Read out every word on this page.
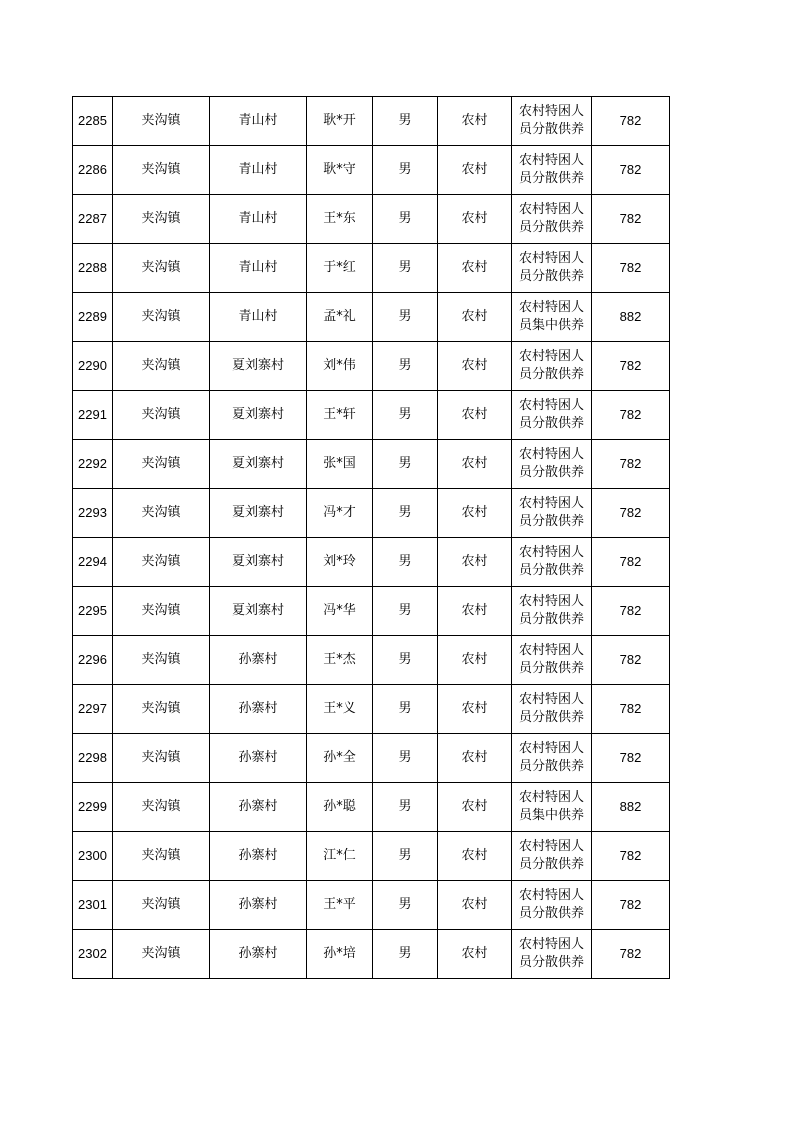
2285	夹沟镇	青山村	耿*开	男	农村	农村特困人
员分散供养	782
2286	夹沟镇	青山村	耿*守	男	农村	农村特困人
员分散供养	782
2287	夹沟镇	青山村	王*东	男	农村	农村特困人
员分散供养	782
2288	夹沟镇	青山村	于*红	男	农村	农村特困人
员分散供养	782
2289	夹沟镇	青山村	孟*礼	男	农村	农村特困人
员集中供养	882
2290	夹沟镇	夏刘寨村	刘*伟	男	农村	农村特困人
员分散供养	782
2291	夹沟镇	夏刘寨村	王*轩	男	农村	农村特困人
员分散供养	782
2292	夹沟镇	夏刘寨村	张*国	男	农村	农村特困人
员分散供养	782
2293	夹沟镇	夏刘寨村	冯*才	男	农村	农村特困人
员分散供养	782
2294	夹沟镇	夏刘寨村	刘*玲	男	农村	农村特困人
员分散供养	782
2295	夹沟镇	夏刘寨村	冯*华	男	农村	农村特困人
员分散供养	782
2296	夹沟镇	孙寨村	王*杰	男	农村	农村特困人
员分散供养	782
2297	夹沟镇	孙寨村	王*义	男	农村	农村特困人
员分散供养	782
2298	夹沟镇	孙寨村	孙*全	男	农村	农村特困人
员分散供养	782
2299	夹沟镇	孙寨村	孙*聪	男	农村	农村特困人
员集中供养	882
2300	夹沟镇	孙寨村	江*仁	男	农村	农村特困人
员分散供养	782
2301	夹沟镇	孙寨村	王*平	男	农村	农村特困人
员分散供养	782
2302	夹沟镇	孙寨村	孙*培	男	农村	农村特困人
员分散供养	782
